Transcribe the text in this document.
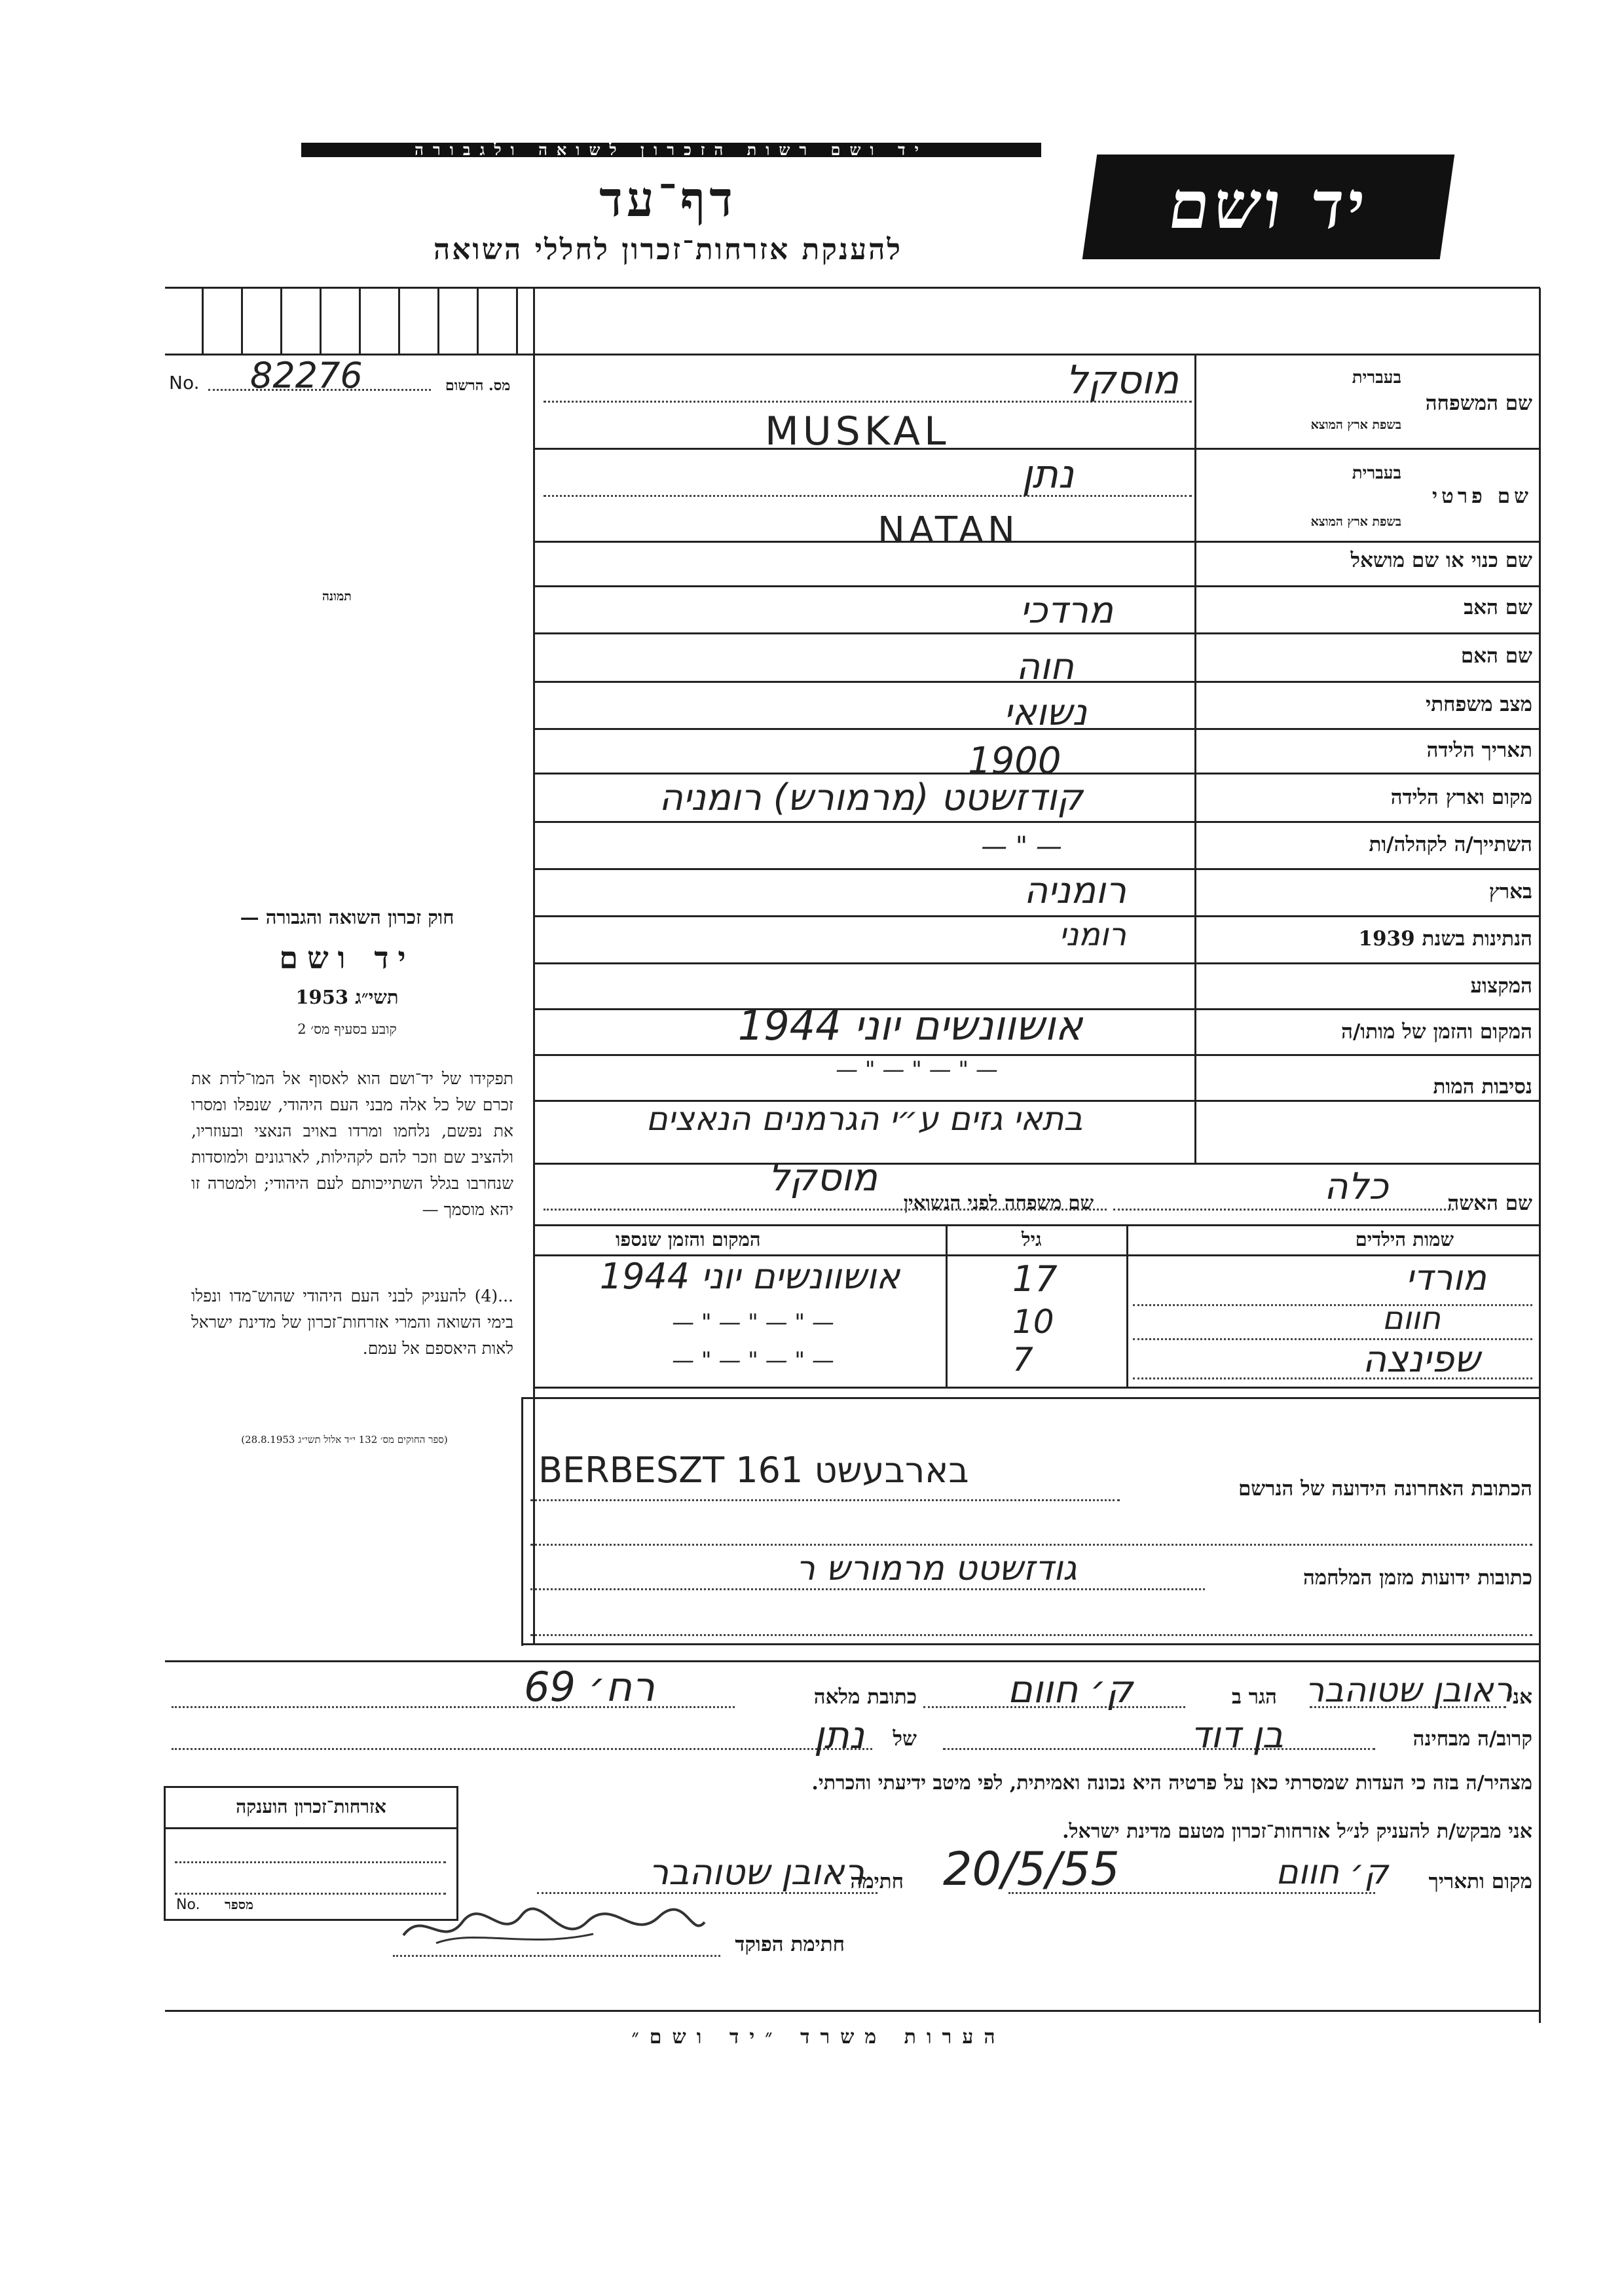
יד ושם רשות הזכרון לשואה ולגבורה
דף־עד
להענקת אזרחות־זכרון לחללי השואה
יד ושם
No. 82276	מס. הרשום
תמונה
חוק זכרון השואה והגבורה —
יד ושם
תשי״ג 1953
קובע בסעיף מס׳ 2
תפקידו של יד־ושם הוא לאסוף אל המו־לדת את זכרם של כל אלה מבני העם היהודי, שנפלו ומסרו את נפשם, נלחמו ומרדו באויב הנאצי ובעוזריו, ולהציב שם וזכר להם לקהילות, לארגונים ולמוסדות שנחרבו בגלל השתייכותם לעם היהודי; ולמטרה זו יהא מוסמך —
...(4) להעניק לבני העם היהודי שהוש־מדו ונפלו בימי השואה והמרי אזרחות־זכרון של מדינת ישראל לאות היאספם אל עמם.
(ספר החוקים מס׳ 132 י״ד אלול תשי״ג 28.8.1953)
בעברית
בשפת ארץ המוצא
שם המשפחה
בעברית
בשפת ארץ המוצא
שם פרטי
שם כנוי או שם מושאל
שם האב
שם האם
מצב משפחתי
תאריך הלידה
מקום וארץ הלידה
השתייך/ה לקהלה/ות
בארץ
הנתינות בשנת 1939
המקצוע
המקום והזמן של מותו/ה
נסיבות המות
מוסקל
MUSKAL
נתן
NATAN
מרדכי
חוה
נשואי
1900
קודזשטט (מרמורש) רומניה
— " —
רומניה
רומני
אושוונשים יוני 1944
— " — " — " —
בתאי גזים ע״י הגרמנים הנאצים
שם האשה
כלה
שם משפחה לפני הנשואין
מוסקל
שמות הילדים
גיל
המקום והזמן שנספו
מורדי
17
אושוונשים יוני 1944
חוום
10
— " — " — " —
שפינצה
7
— " — " — " —
הכתובת האחרונה הידועה של הנרשם
BERBESZT בארבעשט 161
כתובות ידועות מזמן המלחמה
גודזשטט מרמורש ר
אני
ראובן שטוהבר
הגר ב
ק׳ חוום
כתובת מלאה
רח׳ 69
קרוב/ה מבחינה
בן דוד
של
נתן
מצהיר/ה בזה כי העדות שמסרתי כאן על פרטיה היא נכונה ואמיתית, לפי מיטב ידיעתי והכרתי.
אני מבקש/ת להעניק לנ״ל אזרחות־זכרון מטעם מדינת ישראל.
מקום ותאריך
ק׳ חוום
20/5/55
חתימה
ראובן שטוהבר
חתימת הפוקד
אזרחות־זכרון הוענקה
No. מספר
הערות משרד ״יד ושם״
